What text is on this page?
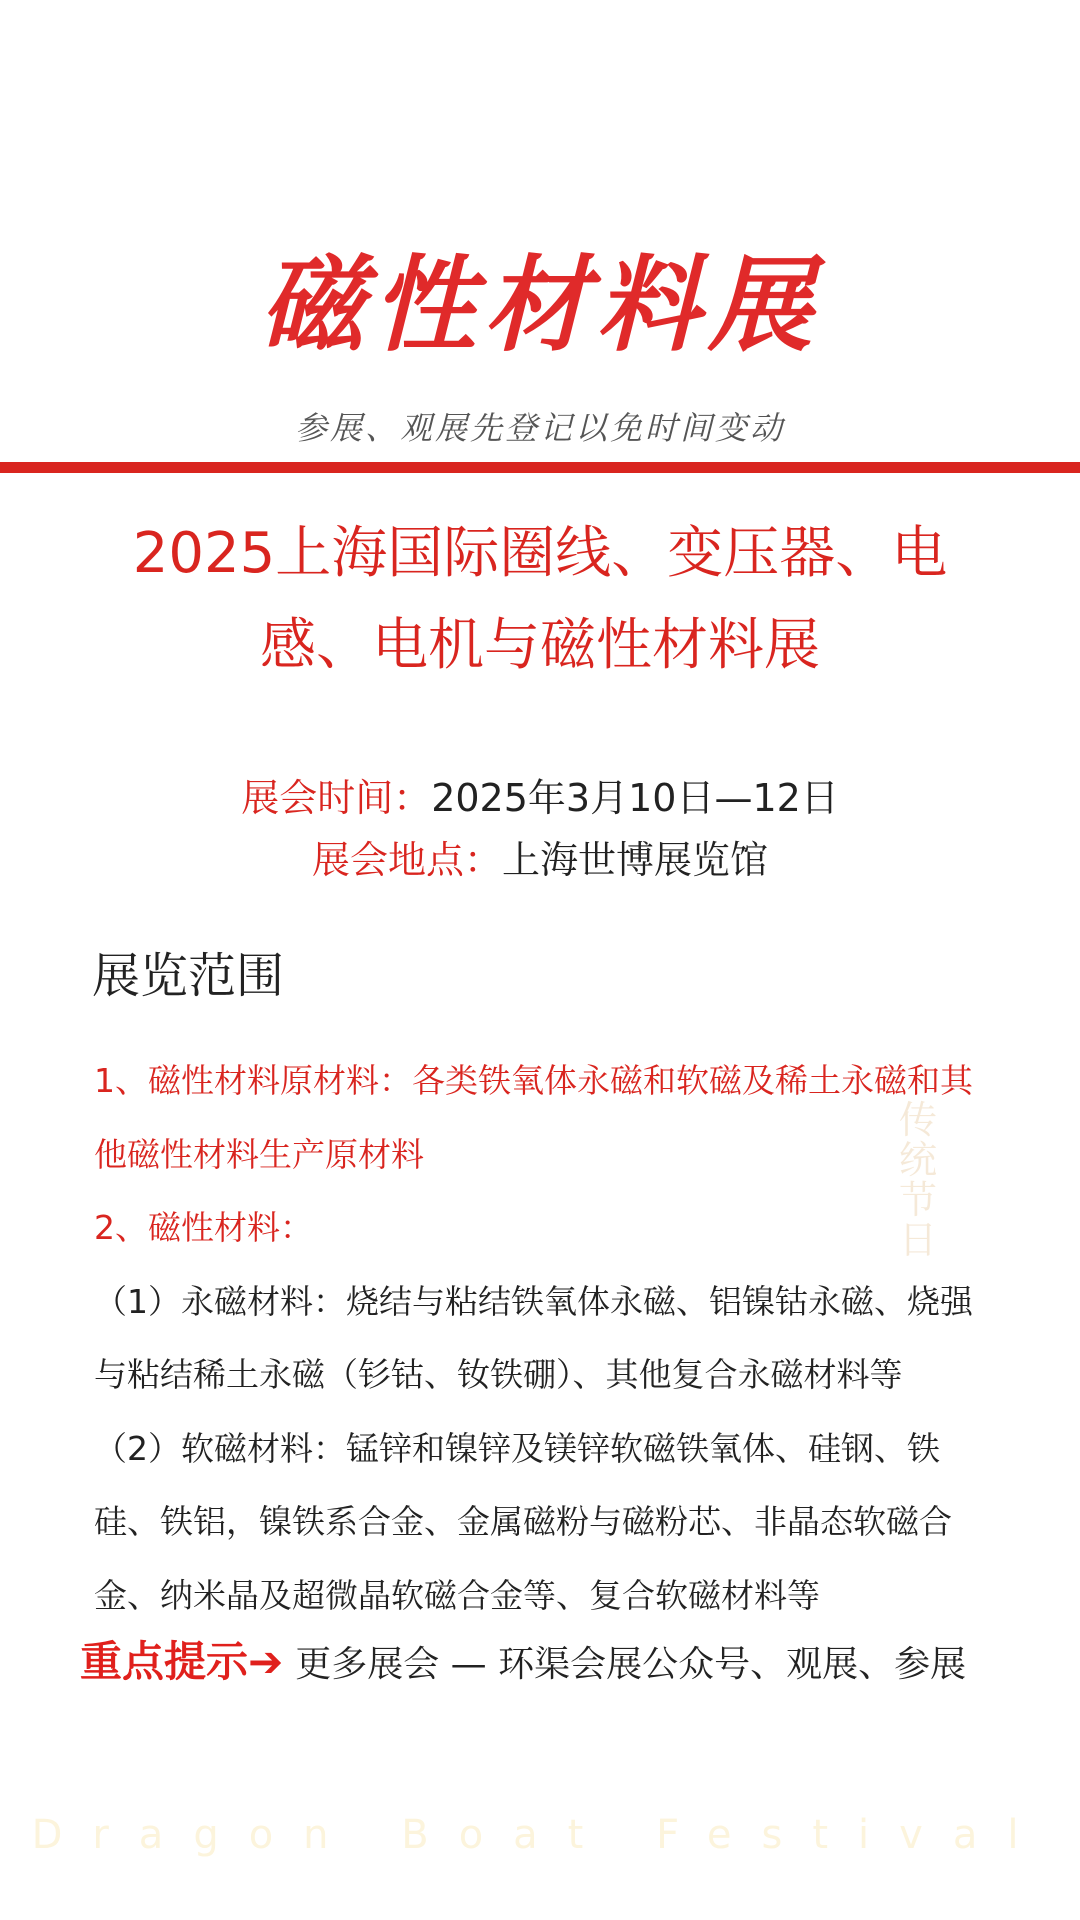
磁性材料展
参展、观展先登记以免时间变动
2025上海国际圈线、变压器、电感、电机与磁性材料展
展会时间：2025年3月10日—12日
展会地点：上海世博展览馆
展览范围

1、磁性材料原材料：各类铁氧体永磁和软磁及稀土永磁和其他磁性材料生产原材料

2、磁性材料：

（1）永磁材料：烧结与粘结铁氧体永磁、铝镍钴永磁、烧强与粘结稀土永磁（钐钴、钕铁硼）、其他复合永磁材料等

（2）软磁材料：锰锌和镍锌及镁锌软磁铁氧体、硅钢、铁硅、铁铝，镍铁系合金、金属磁粉与磁粉芯、非晶态软磁合金、纳米晶及超微晶软磁合金等、复合软磁材料等

重点提示➔ 更多展会 — 环渠会展公众号、观展、参展
传统节日
Dragon Boat Festival
